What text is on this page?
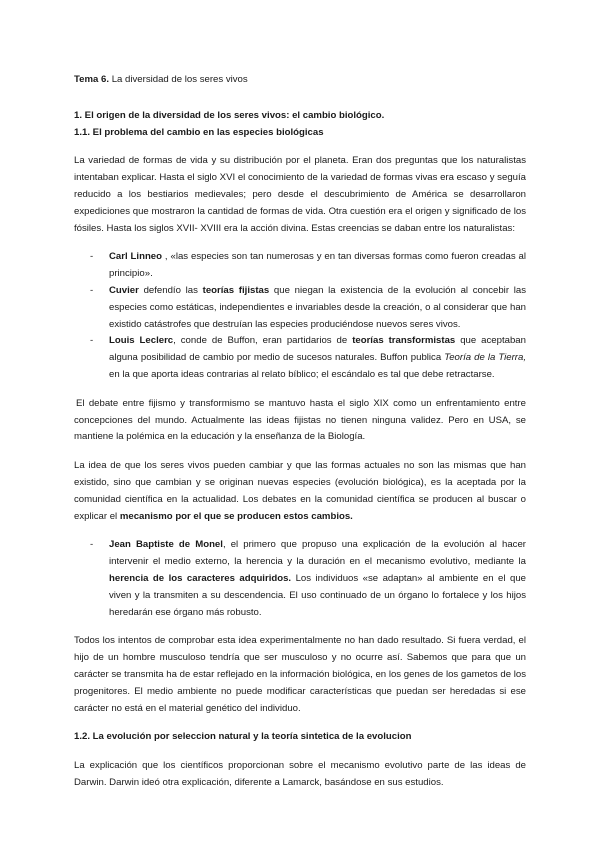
Tema 6. La diversidad de los seres vivos

1. El origen de la diversidad de los seres vivos: el cambio biológico.

1.1. El problema del cambio en las especies biológicas

La variedad de formas de vida y su distribución por el planeta. Eran dos preguntas que los naturalistas intentaban explicar. Hasta el siglo XVI el conocimiento de la variedad de formas vivas era escaso y seguía reducido a los bestiarios medievales; pero desde el descubrimiento de América se desarrollaron expediciones que mostraron la cantidad de formas de vida. Otra cuestión era el origen y significado de los fósiles. Hasta los siglos XVII- XVIII era la acción divina. Estas creencias se daban entre los naturalistas:

- Carl Linneo , «las especies son tan numerosas y en tan diversas formas como fueron creadas al principio».
- Cuvier defendío las teorías fijistas que niegan la existencia de la evolución al concebir las especies como estáticas, independientes e invariables desde la creación, o al considerar que han existido catástrofes que destruían las especies produciéndose nuevos seres vivos.
- Louis Leclerc, conde de Buffon, eran partidarios de teorías transformistas que aceptaban alguna posibilidad de cambio por medio de sucesos naturales. Buffon publica Teoría de la Tierra, en la que aporta ideas contrarias al relato bíblico; el escándalo es tal que debe retractarse.

El debate entre fijismo y transformismo se mantuvo hasta el siglo XIX como un enfrentamiento entre concepciones del mundo. Actualmente las ideas fijistas no tienen ninguna validez. Pero en USA, se mantiene la polémica en la educación y la enseñanza de la Biología.

La idea de que los seres vivos pueden cambiar y que las formas actuales no son las mismas que han existido, sino que cambian y se originan nuevas especies (evolución biológica), es la aceptada por la comunidad científica en la actualidad. Los debates en la comunidad científica se producen al buscar o explicar el mecanismo por el que se producen estos cambios.

- Jean Baptiste de Monel, el primero que propuso una explicación de la evolución al hacer intervenir el medio externo, la herencia y la duración en el mecanismo evolutivo, mediante la herencia de los caracteres adquiridos. Los individuos «se adaptan» al ambiente en el que viven y la transmiten a su descendencia. El uso continuado de un órgano lo fortalece y los hijos heredarán ese órgano más robusto.

Todos los intentos de comprobar esta idea experimentalmente no han dado resultado. Si fuera verdad, el hijo de un hombre musculoso tendría que ser musculoso y no ocurre así. Sabemos que para que un carácter se transmita ha de estar reflejado en la información biológica, en los genes de los gametos de los progenitores. El medio ambiente no puede modificar características que puedan ser heredadas si ese carácter no está en el material genético del individuo.

1.2. La evolución por seleccion natural y la teoría sintetica de la evolucion

La explicación que los científicos proporcionan sobre el mecanismo evolutivo parte de las ideas de Darwin. Darwin ideó otra explicación, diferente a Lamarck, basándose en sus estudios.
